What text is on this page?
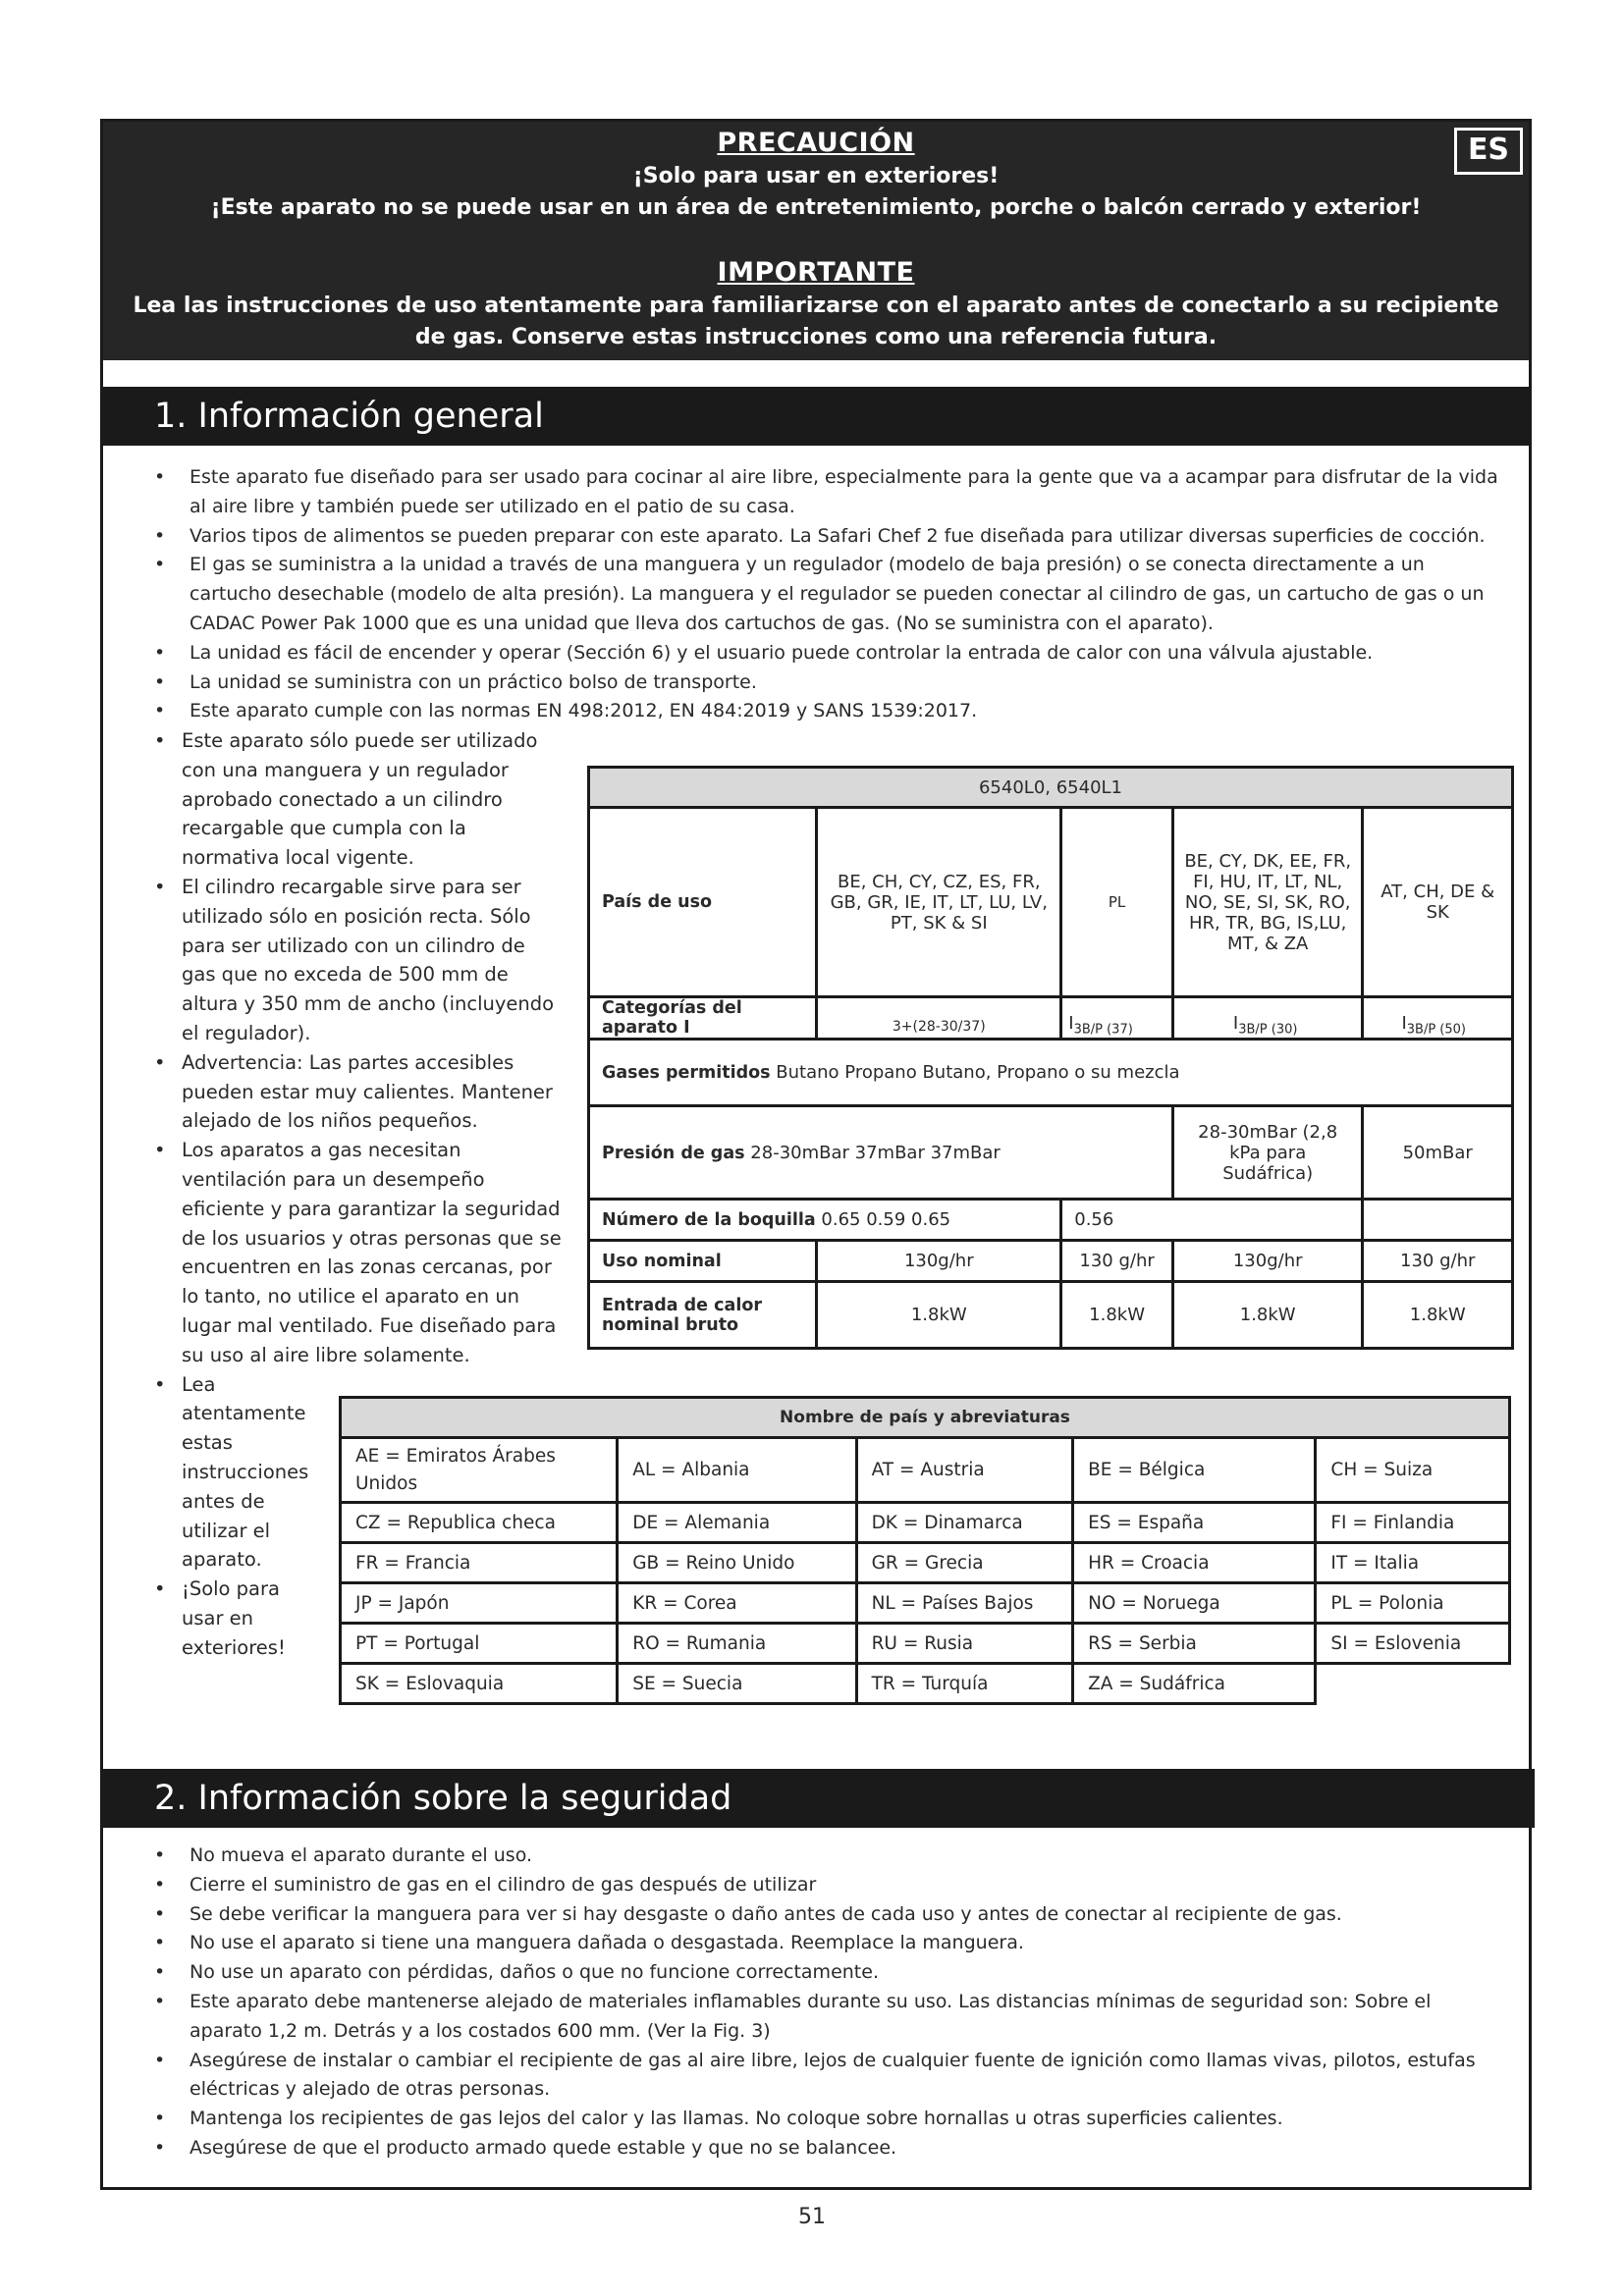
PRECAUCIÓN
¡Solo para usar en exteriores!
¡Este aparato no se puede usar en un área de entretenimiento, porche o balcón cerrado y exterior!
IMPORTANTE
Lea las instrucciones de uso atentamente para familiarizarse con el aparato antes de conectarlo a su recipiente
de gas. Conserve estas instrucciones como una referencia futura.
ES
1. Información general
• Este aparato fue diseñado para ser usado para cocinar al aire libre, especialmente para la gente que va a acampar para disfrutar de la vida
al aire libre y también puede ser utilizado en el patio de su casa.
• Varios tipos de alimentos se pueden preparar con este aparato. La Safari Chef 2 fue diseñada para utilizar diversas superficies de cocción.
• El gas se suministra a la unidad a través de una manguera y un regulador (modelo de baja presión) o se conecta directamente a un
cartucho desechable (modelo de alta presión). La manguera y el regulador se pueden conectar al cilindro de gas, un cartucho de gas o un
CADAC Power Pak 1000 que es una unidad que lleva dos cartuchos de gas. (No se suministra con el aparato).
• La unidad es fácil de encender y operar (Sección 6) y el usuario puede controlar la entrada de calor con una válvula ajustable.
• La unidad se suministra con un práctico bolso de transporte.
• Este aparato cumple con las normas EN 498:2012, EN 484:2019 y SANS 1539:2017.
• Este aparato sólo puede ser utilizado
con una manguera y un regulador
aprobado conectado a un cilindro
recargable que cumpla con la
normativa local vigente.
• El cilindro recargable sirve para ser
utilizado sólo en posición recta. Sólo
para ser utilizado con un cilindro de
gas que no exceda de 500 mm de
altura y 350 mm de ancho (incluyendo
el regulador).
• Advertencia: Las partes accesibles
pueden estar muy calientes. Mantener
alejado de los niños pequeños.
• Los aparatos a gas necesitan
ventilación para un desempeño
eficiente y para garantizar la seguridad
de los usuarios y otras personas que se
encuentren en las zonas cercanas, por
lo tanto, no utilice el aparato en un
lugar mal ventilado. Fue diseñado para
su uso al aire libre solamente.
• Lea
atentamente
estas
instrucciones
antes de
utilizar el
aparato.
• ¡Solo para
usar en
exteriores!
6540L0, 6540L1				
País de uso	BE, CH, CY, CZ, ES, FR, GB, GR, IE, IT, LT, LU, LV, PT, SK & SI	PL	BE, CY, DK, EE, FR, FI, HU, IT, LT, NL, NO, SE, SI, SK, RO, HR, TR, BG, IS,LU, MT, & ZA	AT, CH, DE & SK
Categorías del aparato I	3+(28-30/37)	$I_{3B/P (37)}$	$I_{3B/P (30)}$	$I_{3B/P (50)}$
Gases permitidos Butano Propano Butano, Propano o su mezcla				
Presión de gas 28-30mBar 37mBar 37mBar			28-30mBar (2,8 kPa para Sudáfrica)	50mBar
Número de la boquilla 0.65 0.59 0.65		0.56		
Uso nominal	130g/hr	130 g/hr	130g/hr	130 g/hr
Entrada de calor nominal bruto	1.8kW	1.8kW	1.8kW	1.8kW
Nombre de país y abreviaturas				
AE = Emiratos Árabes Unidos	AL = Albania	AT = Austria	BE = Bélgica	CH = Suiza
CZ = Republica checa	DE = Alemania	DK = Dinamarca	ES = España	FI = Finlandia
FR = Francia	GB = Reino Unido	GR = Grecia	HR = Croacia	IT = Italia
JP = Japón	KR = Corea	NL = Países Bajos	NO = Noruega	PL = Polonia
PT = Portugal	RO = Rumania	RU = Rusia	RS = Serbia	SI = Eslovenia
SK = Eslovaquia	SE = Suecia	TR = Turquía	ZA = Sudáfrica	
2. Información sobre la seguridad
• No mueva el aparato durante el uso.
• Cierre el suministro de gas en el cilindro de gas después de utilizar
• Se debe verificar la manguera para ver si hay desgaste o daño antes de cada uso y antes de conectar al recipiente de gas.
• No use el aparato si tiene una manguera dañada o desgastada. Reemplace la manguera.
• No use un aparato con pérdidas, daños o que no funcione correctamente.
• Este aparato debe mantenerse alejado de materiales inflamables durante su uso. Las distancias mínimas de seguridad son: Sobre el
aparato 1,2 m. Detrás y a los costados 600 mm. (Ver la Fig. 3)
• Asegúrese de instalar o cambiar el recipiente de gas al aire libre, lejos de cualquier fuente de ignición como llamas vivas, pilotos, estufas
eléctricas y alejado de otras personas.
• Mantenga los recipientes de gas lejos del calor y las llamas. No coloque sobre hornallas u otras superficies calientes.
• Asegúrese de que el producto armado quede estable y que no se balancee.
51
